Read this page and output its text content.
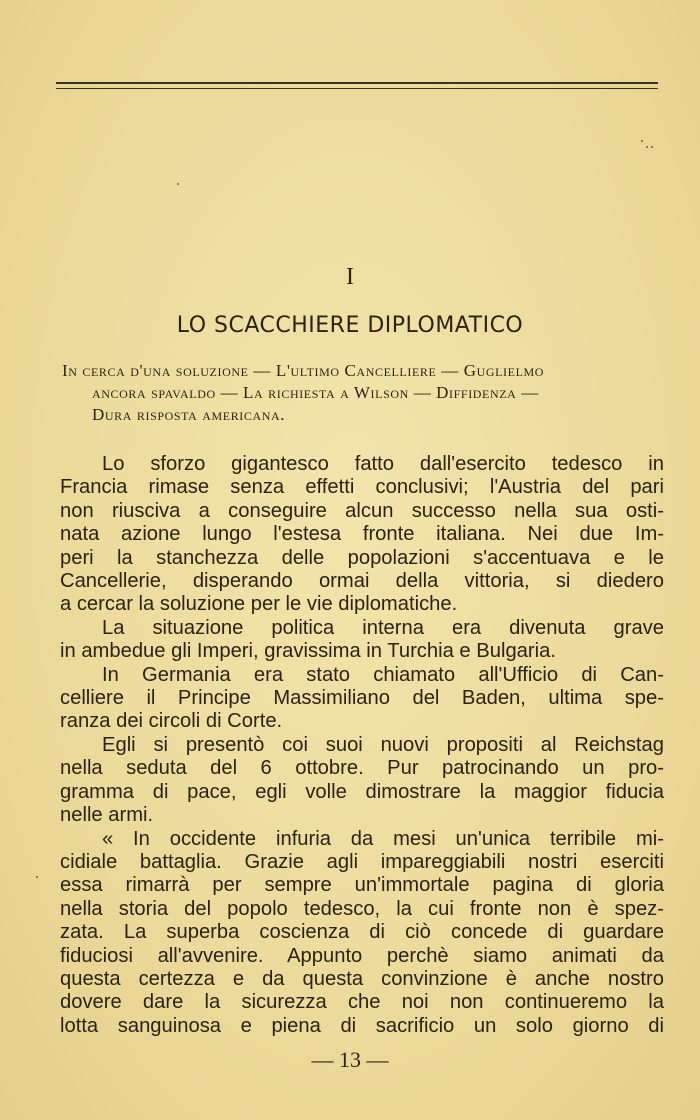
I
LO SCACCHIERE DIPLOMATICO
In cerca d'una soluzione — L'ultimo Cancelliere — Guglielmo
ancora spavaldo — La richiesta a Wilson — Diffidenza —
Dura risposta americana.
Lo sforzo gigantesco fatto dall'esercito tedesco in
Francia rimase senza effetti conclusivi; l'Austria del pari
non riusciva a conseguire alcun successo nella sua osti-
nata azione lungo l'estesa fronte italiana. Nei due Im-
peri la stanchezza delle popolazioni s'accentuava e le
Cancellerie, disperando ormai della vittoria, si diedero
a cercar la soluzione per le vie diplomatiche.
La situazione politica interna era divenuta grave
in ambedue gli Imperi, gravissima in Turchia e Bulgaria.
In Germania era stato chiamato all'Ufficio di Can-
celliere il Principe Massimiliano del Baden, ultima spe-
ranza dei circoli di Corte.
Egli si presentò coi suoi nuovi propositi al Reichstag
nella seduta del 6 ottobre. Pur patrocinando un pro-
gramma di pace, egli volle dimostrare la maggior fiducia
nelle armi.
« In occidente infuria da mesi un'unica terribile mi-
cidiale battaglia. Grazie agli impareggiabili nostri eserciti
essa rimarrà per sempre un'immortale pagina di gloria
nella storia del popolo tedesco, la cui fronte non è spez-
zata. La superba coscienza di ciò concede di guardare
fiduciosi all'avvenire. Appunto perchè siamo animati da
questa certezza e da questa convinzione è anche nostro
dovere dare la sicurezza che noi non continueremo la
lotta sanguinosa e piena di sacrificio un solo giorno di
— 13 —
